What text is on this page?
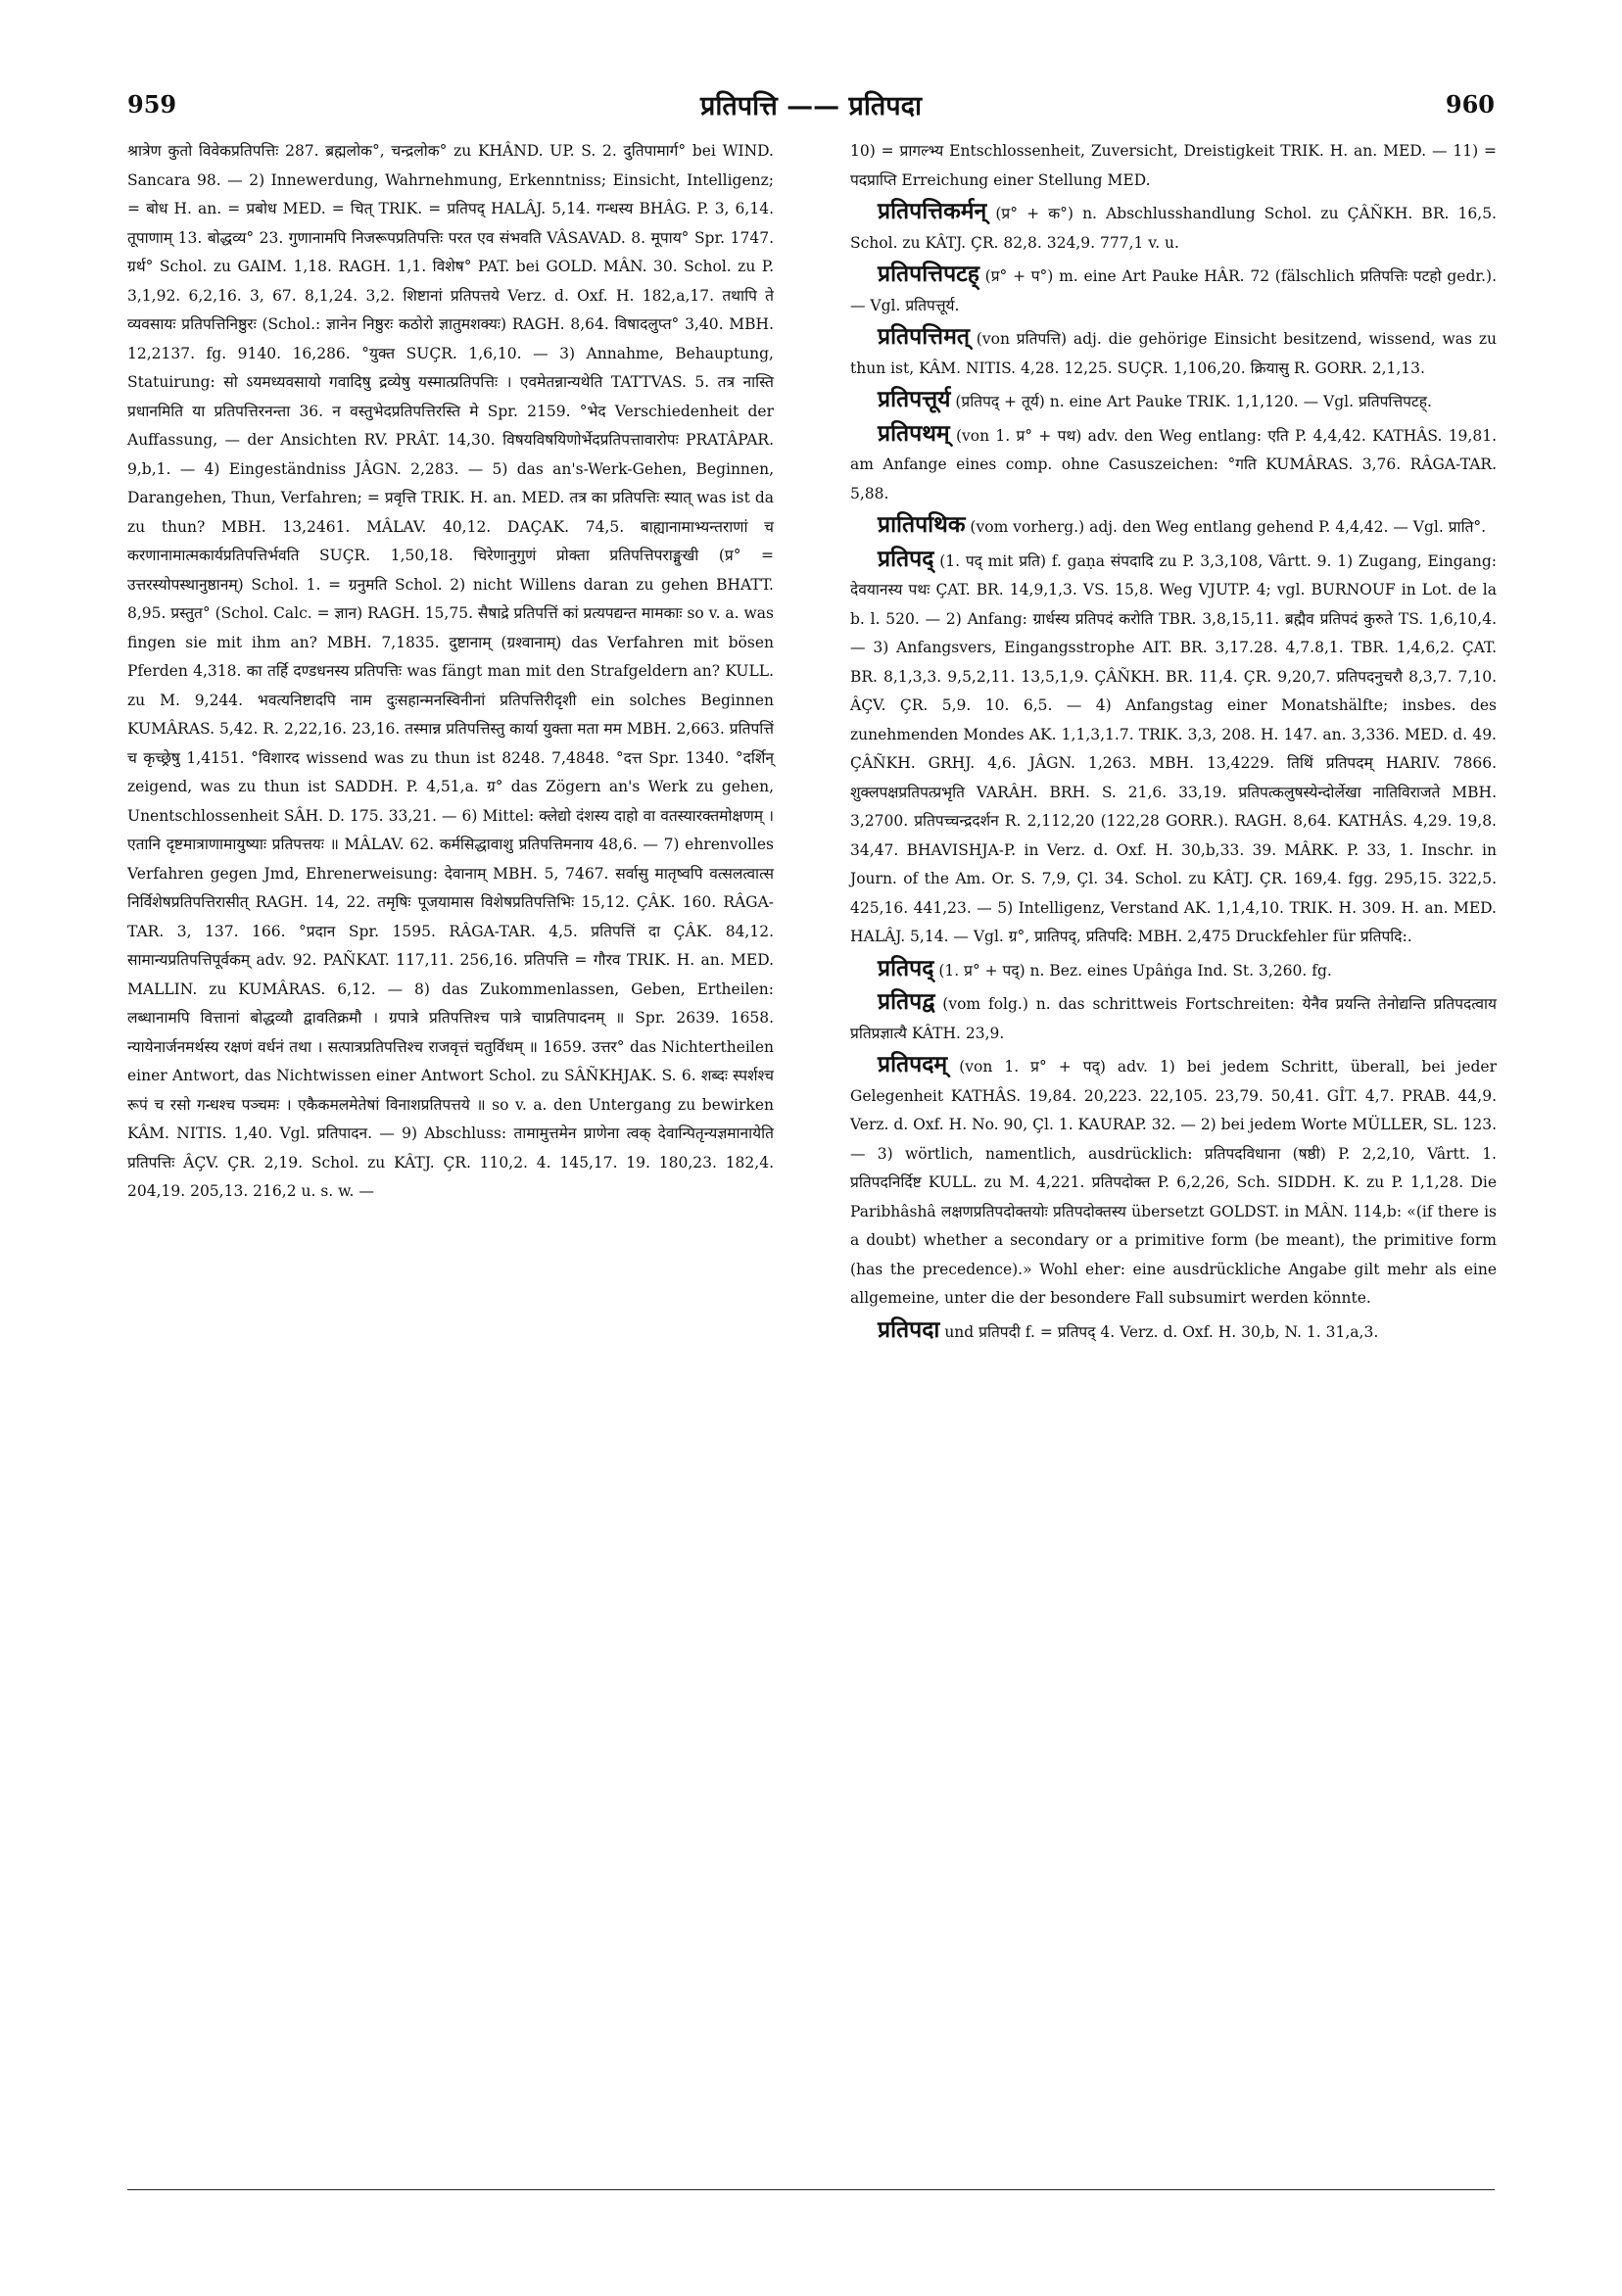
959	प्रतिपत्ति —— प्रतिपदा	960

श्रात्रेण कुतो विवेकप्रतिपत्तिः 287. ब्रह्मलोक°, चन्द्रलोक° zu KHÂND. UP. S. 2. दुतिपामार्ग° bei WIND. Sancara 98. — 2) Innewerdung, Wahrnehmung, Erkenntniss; Einsicht, Intelligenz; = बोध H. an. = प्रबोध MED. = चित् TRIK. = प्रतिपद् HALÂJ. 5,14. गन्धस्य BHÂG. P. 3, 6,14. तूपाणाम् 13. बोद्धव्य° 23. गुणानामपि निजरूपप्रतिपत्तिः परत एव संभवति VÂSAVAD. 8. मूपाय° Spr. 1747. ग्रर्थ° Schol. zu GAIM. 1,18. RAGH. 1,1. विशेष° PAT. bei GOLD. MÂN. 30. Schol. zu P. 3,1,92. 6,2,16. 3, 67. 8,1,24. 3,2. शिष्टानां प्रतिपत्तये Verz. d. Oxf. H. 182,a,17. तथापि ते व्यवसायः प्रतिपत्तिनिष्ठुरः (Schol.: ज्ञानेन निष्ठुरः कठोरो ज्ञातुमशक्यः) RAGH. 8,64. विषादलुप्त° 3,40. MBH. 12,2137. fg. 9140. 16,286. °युक्त SUÇR. 1,6,10. — 3) Annahme, Behauptung, Statuirung: सो ऽयमध्यवसायो गवादिषु द्रव्येषु यस्मात्प्रतिपत्तिः । एवमेतन्नान्यथेति TATTVAS. 5. तत्र नास्ति प्रधानमिति या प्रतिपत्तिरनन्ता 36. न वस्तुभेदप्रतिपत्तिरस्ति मे Spr. 2159. °भेद Verschiedenheit der Auffassung, — der Ansichten RV. PRÂT. 14,30. विषयविषयिणोर्भेदप्रतिपत्तावारोपः PRATÂPAR. 9,b,1. — 4) Eingeständniss JÂGN. 2,283. — 5) das an's-Werk-Gehen, Beginnen, Darangehen, Thun, Verfahren; = प्रवृत्ति TRIK. H. an. MED. तत्र का प्रतिपत्तिः स्यात् was ist da zu thun? MBH. 13,2461. MÂLAV. 40,12. DAÇAK. 74,5. बाह्यानामाभ्यन्तराणां च करणानामात्मकार्यप्रतिपत्तिर्भवति SUÇR. 1,50,18. चिरेणानुगुणं प्रोक्ता प्रतिपत्तिपराङ्मुखी (प्र° = उत्तरस्योपस्थानुष्ठानम्) Schol. 1. = ग्रनुमति Schol. 2) nicht Willens daran zu gehen BHATT. 8,95. प्रस्तुत° (Schol. Calc. = ज्ञान) RAGH. 15,75. सैषाद्रे प्रतिपत्तिं कां प्रत्यपद्यन्त मामकाः so v. a. was fingen sie mit ihm an? MBH. 7,1835. दुष्टानाम् (ग्रश्वानाम्) das Verfahren mit bösen Pferden 4,318. का तर्हि दण्डधनस्य प्रतिपत्तिः was fängt man mit den Strafgeldern an? KULL. zu M. 9,244. भवत्यनिष्टादपि नाम दुःसहान्मनस्विनीनां प्रतिपत्तिरीदृशी ein solches Beginnen KUMÂRAS. 5,42. R. 2,22,16. 23,16. तस्मान्न प्रतिपत्तिस्तु कार्या युक्ता मता मम MBH. 2,663. प्रतिपत्तिं च कृच्छ्रेषु 1,4151. °विशारद wissend was zu thun ist 8248. 7,4848. °दत्त Spr. 1340. °दर्शिन् zeigend, was zu thun ist SADDH. P. 4,51,a. ग्र° das Zögern an's Werk zu gehen, Unentschlossenheit SÂH. D. 175. 33,21. — 6) Mittel: क्लेद्यो दंशस्य दाहो वा वतस्यारक्तमोक्षणम् । एतानि दृष्टमात्राणामायुष्याः प्रतिपत्तयः ॥ MÂLAV. 62. कर्मसिद्धावाशु प्रतिपत्तिमनाय 48,6. — 7) ehrenvolles Verfahren gegen Jmd, Ehrenerweisung: देवानाम् MBH. 5, 7467. सर्वासु मातृष्वपि वत्सलत्वात्स निर्विशेषप्रतिपत्तिरासीत् RAGH. 14, 22. तमृषिः पूजयामास विशेषप्रतिपत्तिभिः 15,12. ÇÂK. 160. RÂGA-TAR. 3, 137. 166. °प्रदान Spr. 1595. RÂGA-TAR. 4,5. प्रतिपत्तिं दा ÇÂK. 84,12. सामान्यप्रतिपत्तिपूर्वकम् adv. 92. PAÑKAT. 117,11. 256,16. प्रतिपत्ति = गौरव TRIK. H. an. MED. MALLIN. zu KUMÂRAS. 6,12. — 8) das Zukommenlassen, Geben, Ertheilen: लब्धानामपि वित्तानां बोद्धव्यौ द्वावतिक्रमौ । ग्रपात्रे प्रतिपत्तिश्च पात्रे चाप्रतिपादनम् ॥ Spr. 2639. 1658. न्यायेनार्जनमर्थस्य रक्षणं वर्धनं तथा । सत्पात्रप्रतिपत्तिश्च राजवृत्तं चतुर्विधम् ॥ 1659. उत्तर° das Nichtertheilen einer Antwort, das Nichtwissen einer Antwort Schol. zu SÂÑKHJAK. S. 6. शब्दः स्पर्शश्च रूपं च रसो गन्धश्च पञ्चमः । एकैकमलमेतेषां विनाशप्रतिपत्तये ॥ so v. a. den Untergang zu bewirken KÂM. NITIS. 1,40. Vgl. प्रतिपादन. — 9) Abschluss: तामामुत्तमेन प्राणेना त्वक् देवान्पितृन्यज्ञमानायेति प्रतिपत्तिः ÂÇV. ÇR. 2,19. Schol. zu KÂTJ. ÇR. 110,2. 4. 145,17. 19. 180,23. 182,4. 204,19. 205,13. 216,2 u. s. w. —

10) = प्रागल्भ्य Entschlossenheit, Zuversicht, Dreistigkeit TRIK. H. an. MED. — 11) = पदप्राप्ति Erreichung einer Stellung MED.

प्रतिपत्तिकर्मन् (प्र° + क°) n. Abschlusshandlung Schol. zu ÇÂÑKH. BR. 16,5. Schol. zu KÂTJ. ÇR. 82,8. 324,9. 777,1 v. u.

प्रतिपत्तिपटह् (प्र° + प°) m. eine Art Pauke HÂR. 72 (fälschlich प्रतिपत्तिः पटहो gedr.). — Vgl. प्रतिपत्तूर्य.

प्रतिपत्तिमत् (von प्रतिपत्ति) adj. die gehörige Einsicht besitzend, wissend, was zu thun ist, KÂM. NITIS. 4,28. 12,25. SUÇR. 1,106,20. क्रियासु R. GORR. 2,1,13.

प्रतिपत्तूर्य (प्रतिपद् + तूर्य) n. eine Art Pauke TRIK. 1,1,120. — Vgl. प्रतिपत्तिपटह्.

प्रतिपथम् (von 1. प्र° + पथ) adv. den Weg entlang: एति P. 4,4,42. KATHÂS. 19,81. am Anfange eines comp. ohne Casuszeichen: °गति KUMÂRAS. 3,76. RÂGA-TAR. 5,88.

प्रातिपथिक (vom vorherg.) adj. den Weg entlang gehend P. 4,4,42. — Vgl. प्राति°.

प्रतिपद् (1. पद् mit प्रति) f. gaṇa संपदादि zu P. 3,3,108, Vârtt. 9. 1) Zugang, Eingang: देवयानस्य पथः ÇAT. BR. 14,9,1,3. VS. 15,8. Weg VJUTP. 4; vgl. BURNOUF in Lot. de la b. l. 520. — 2) Anfang: ग्रार्धस्य प्रतिपदं करोति TBR. 3,8,15,11. ब्रह्मैव प्रतिपदं कुरुते TS. 1,6,10,4. — 3) Anfangsvers, Eingangsstrophe AIT. BR. 3,17.28. 4,7.8,1. TBR. 1,4,6,2. ÇAT. BR. 8,1,3,3. 9,5,2,11. 13,5,1,9. ÇÂÑKH. BR. 11,4. ÇR. 9,20,7. प्रतिपदनुचरौ 8,3,7. 7,10. ÂÇV. ÇR. 5,9. 10. 6,5. — 4) Anfangstag einer Monatshälfte; insbes. des zunehmenden Mondes AK. 1,1,3,1.7. TRIK. 3,3, 208. H. 147. an. 3,336. MED. d. 49. ÇÂÑKH. GRHJ. 4,6. JÂGN. 1,263. MBH. 13,4229. तिथिं प्रतिपदम् HARIV. 7866. शुक्लपक्षप्रतिपत्प्रभृति VARÂH. BRH. S. 21,6. 33,19. प्रतिपत्कलुषस्येन्दोर्लेखा नातिविराजते MBH. 3,2700. प्रतिपच्चन्द्रदर्शन R. 2,112,20 (122,28 GORR.). RAGH. 8,64. KATHÂS. 4,29. 19,8. 34,47. BHAVISHJA-P. in Verz. d. Oxf. H. 30,b,33. 39. MÂRK. P. 33, 1. Inschr. in Journ. of the Am. Or. S. 7,9, Çl. 34. Schol. zu KÂTJ. ÇR. 169,4. fgg. 295,15. 322,5. 425,16. 441,23. — 5) Intelligenz, Verstand AK. 1,1,4,10. TRIK. H. 309. H. an. MED. HALÂJ. 5,14. — Vgl. ग्र°, प्रातिपद्, प्रतिपदि: MBH. 2,475 Druckfehler für प्रतिपदि:.

प्रतिपद् (1. प्र° + पद्) n. Bez. eines Upâṅga Ind. St. 3,260. fg.

प्रतिपद्व (vom folg.) n. das schrittweis Fortschreiten: येनैव प्रयन्ति तेनोद्यन्ति प्रतिपदत्वाय प्रतिप्रज्ञात्यै KÂTH. 23,9.

प्रतिपदम् (von 1. प्र° + पद्) adv. 1) bei jedem Schritt, überall, bei jeder Gelegenheit KATHÂS. 19,84. 20,223. 22,105. 23,79. 50,41. GÎT. 4,7. PRAB. 44,9. Verz. d. Oxf. H. No. 90, Çl. 1. KAURAP. 32. — 2) bei jedem Worte MÜLLER, SL. 123. — 3) wörtlich, namentlich, ausdrücklich: प्रतिपदविधाना (षष्ठी) P. 2,2,10, Vârtt. 1. प्रतिपदनिर्दिष्ट KULL. zu M. 4,221. प्रतिपदोक्त P. 6,2,26, Sch. SIDDH. K. zu P. 1,1,28. Die Paribhâshâ लक्षणप्रतिपदोक्तयोः प्रतिपदोक्तस्य übersetzt GOLDST. in MÂN. 114,b: «(if there is a doubt) whether a secondary or a primitive form (be meant), the primitive form (has the precedence).» Wohl eher: eine ausdrückliche Angabe gilt mehr als eine allgemeine, unter die der besondere Fall subsumirt werden könnte.

प्रतिपदा und प्रतिपदी f. = प्रतिपद् 4. Verz. d. Oxf. H. 30,b, N. 1. 31,a,3.
